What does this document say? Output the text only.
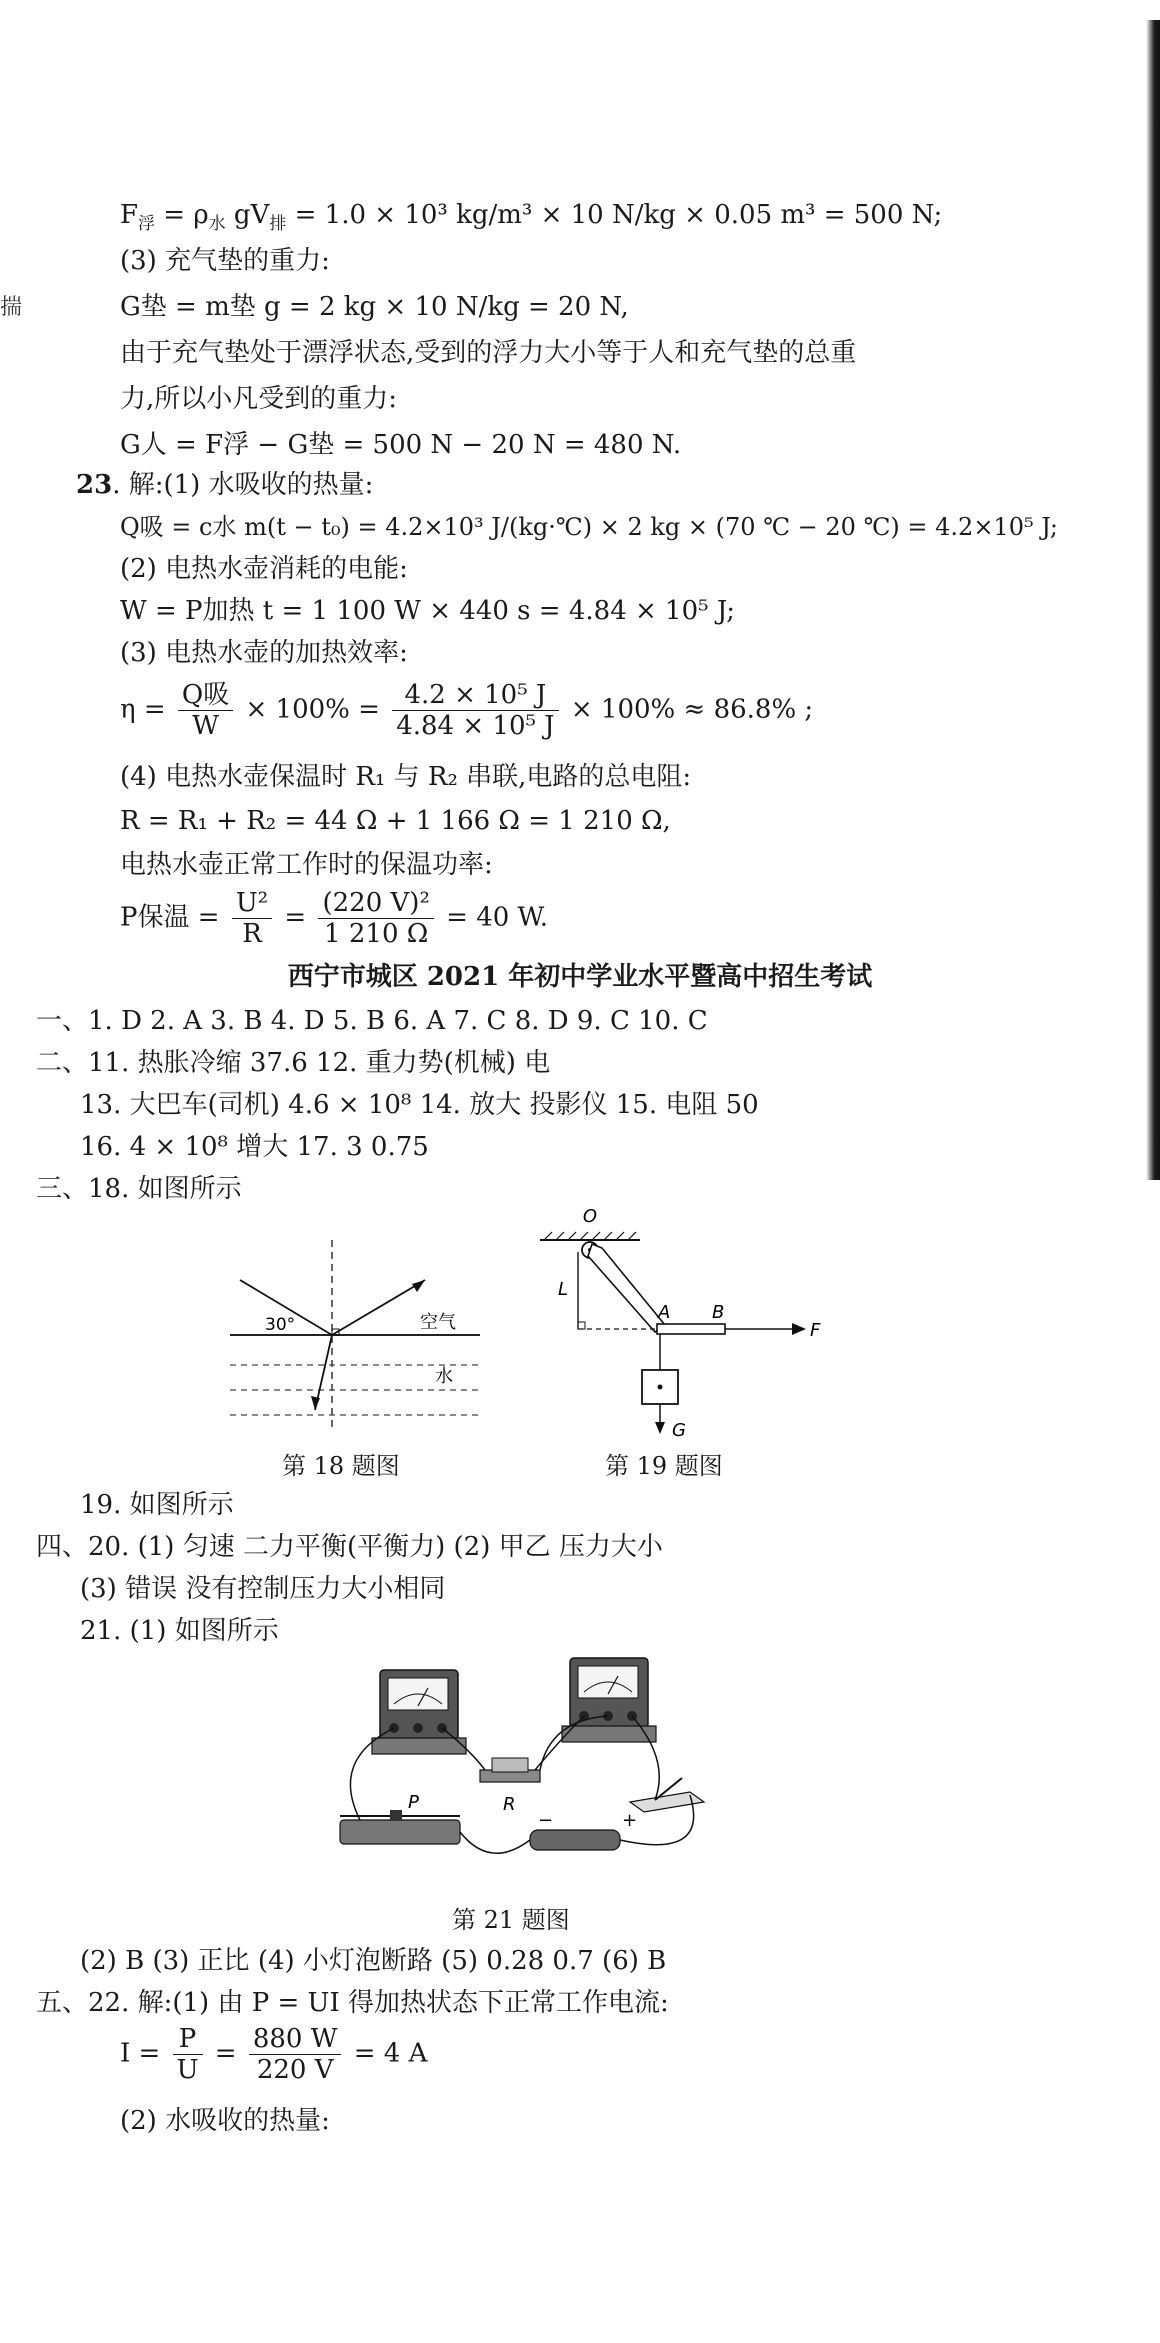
揣
$F_浮 = \rho_水$ $gV_排 = 1.0 \times 10^3$ kg/m³ × 10 N/kg × 0.05 m³ = 500 N;
(3) 充气垫的重力:
G垫 = m垫 g = 2 kg × 10 N/kg = 20 N,
由于充气垫处于漂浮状态,受到的浮力大小等于人和充气垫的总重
力,所以小凡受到的重力:
G人 = F浮 − G垫 = 500 N − 20 N = 480 N.
23. 解:(1) 水吸收的热量:
Q吸 = c水 m(t − t₀) = 4.2×10³ J/(kg·℃) × 2 kg × (70 ℃ − 20 ℃) = 4.2×10⁵ J;
(2) 电热水壶消耗的电能:
W = P加热 t = 1 100 W × 440 s = 4.84 × 10⁵ J;
(3) 电热水壶的加热效率:
$\eta = \frac{\text{Q吸}}{W} \times 100\% = \frac{\text{4.2 × 10⁵ J}}{\text{4.84 × 10⁵ J}} \times 100\% \approx 86.8\%$ ;
(4) 电热水壶保温时 R₁ 与 R₂ 串联,电路的总电阻:
R = R₁ + R₂ = 44 Ω + 1 166 Ω = 1 210 Ω,
电热水壶正常工作时的保温功率:
P保温 = $\frac{\text{U²}}{R} = \frac{\text{(220 V)²}}{1 210 \Omega} = 40$ W.
西宁市城区 2021 年初中学业水平暨高中招生考试
一、1. D 2. A 3. B 4. D 5. B 6. A 7. C 8. D 9. C 10. C
二、11. 热胀冷缩 37.6 12. 重力势(机械) 电
13. 大巴车(司机) 4.6 × 10⁸ 14. 放大 投影仪 15. 电阻 50
16. 4 × 10⁸ 增大 17. 3 0.75
三、18. 如图所示
30°	空气
水
第 18 题图
O
L
A B
F
G
第 19 题图
19. 如图所示
四、20. (1) 匀速 二力平衡(平衡力) (2) 甲乙 压力大小
(3) 错误 没有控制压力大小相同
21. (1) 如图所示
P	R
−	+
第 21 题图
(2) B (3) 正比 (4) 小灯泡断路 (5) 0.28 0.7 (6) B
五、22. 解:(1) 由 P = UI 得加热状态下正常工作电流:
$I = \frac{P}{U} = \frac{880 W}{220 V} = 4$ A
(2) 水吸收的热量:
